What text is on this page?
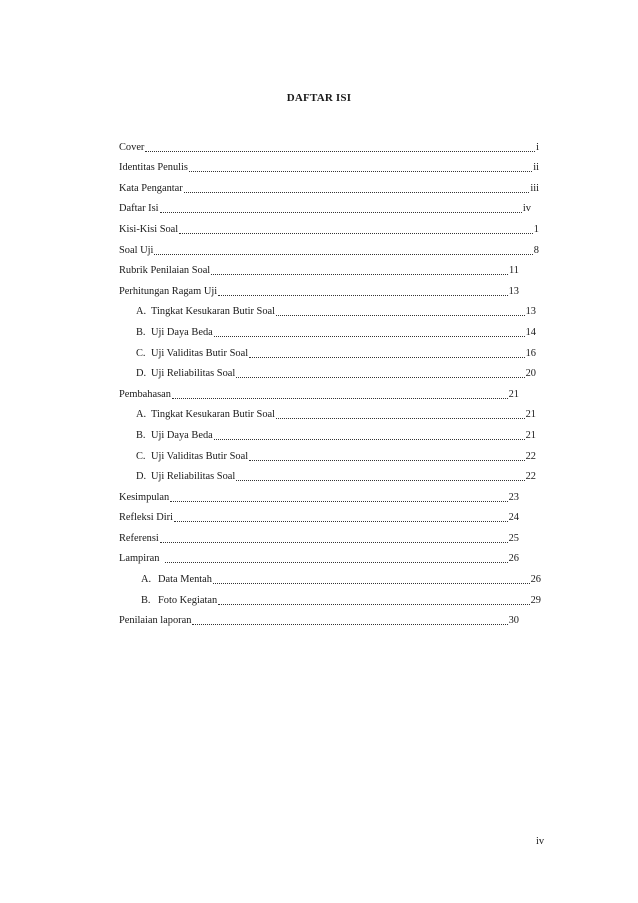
DAFTAR ISI
Cover	i
Identitas Penulis	ii
Kata Pengantar	iii
Daftar Isi	iv
Kisi-Kisi Soal	1
Soal Uji	8
Rubrik Penilaian Soal	11
Perhitungan Ragam Uji	13
A. Tingkat Kesukaran Butir Soal	13
B. Uji Daya Beda	14
C. Uji Validitas Butir Soal	16
D. Uji Reliabilitas Soal	20
Pembahasan	21
A. Tingkat Kesukaran Butir Soal	21
B. Uji Daya Beda	21
C. Uji Validitas Butir Soal	22
D. Uji Reliabilitas Soal	22
Kesimpulan	23
Refleksi Diri	24
Referensi	25
Lampiran	26
A. Data Mentah	26
B. Foto Kegiatan	29
Penilaian laporan	30
iv
